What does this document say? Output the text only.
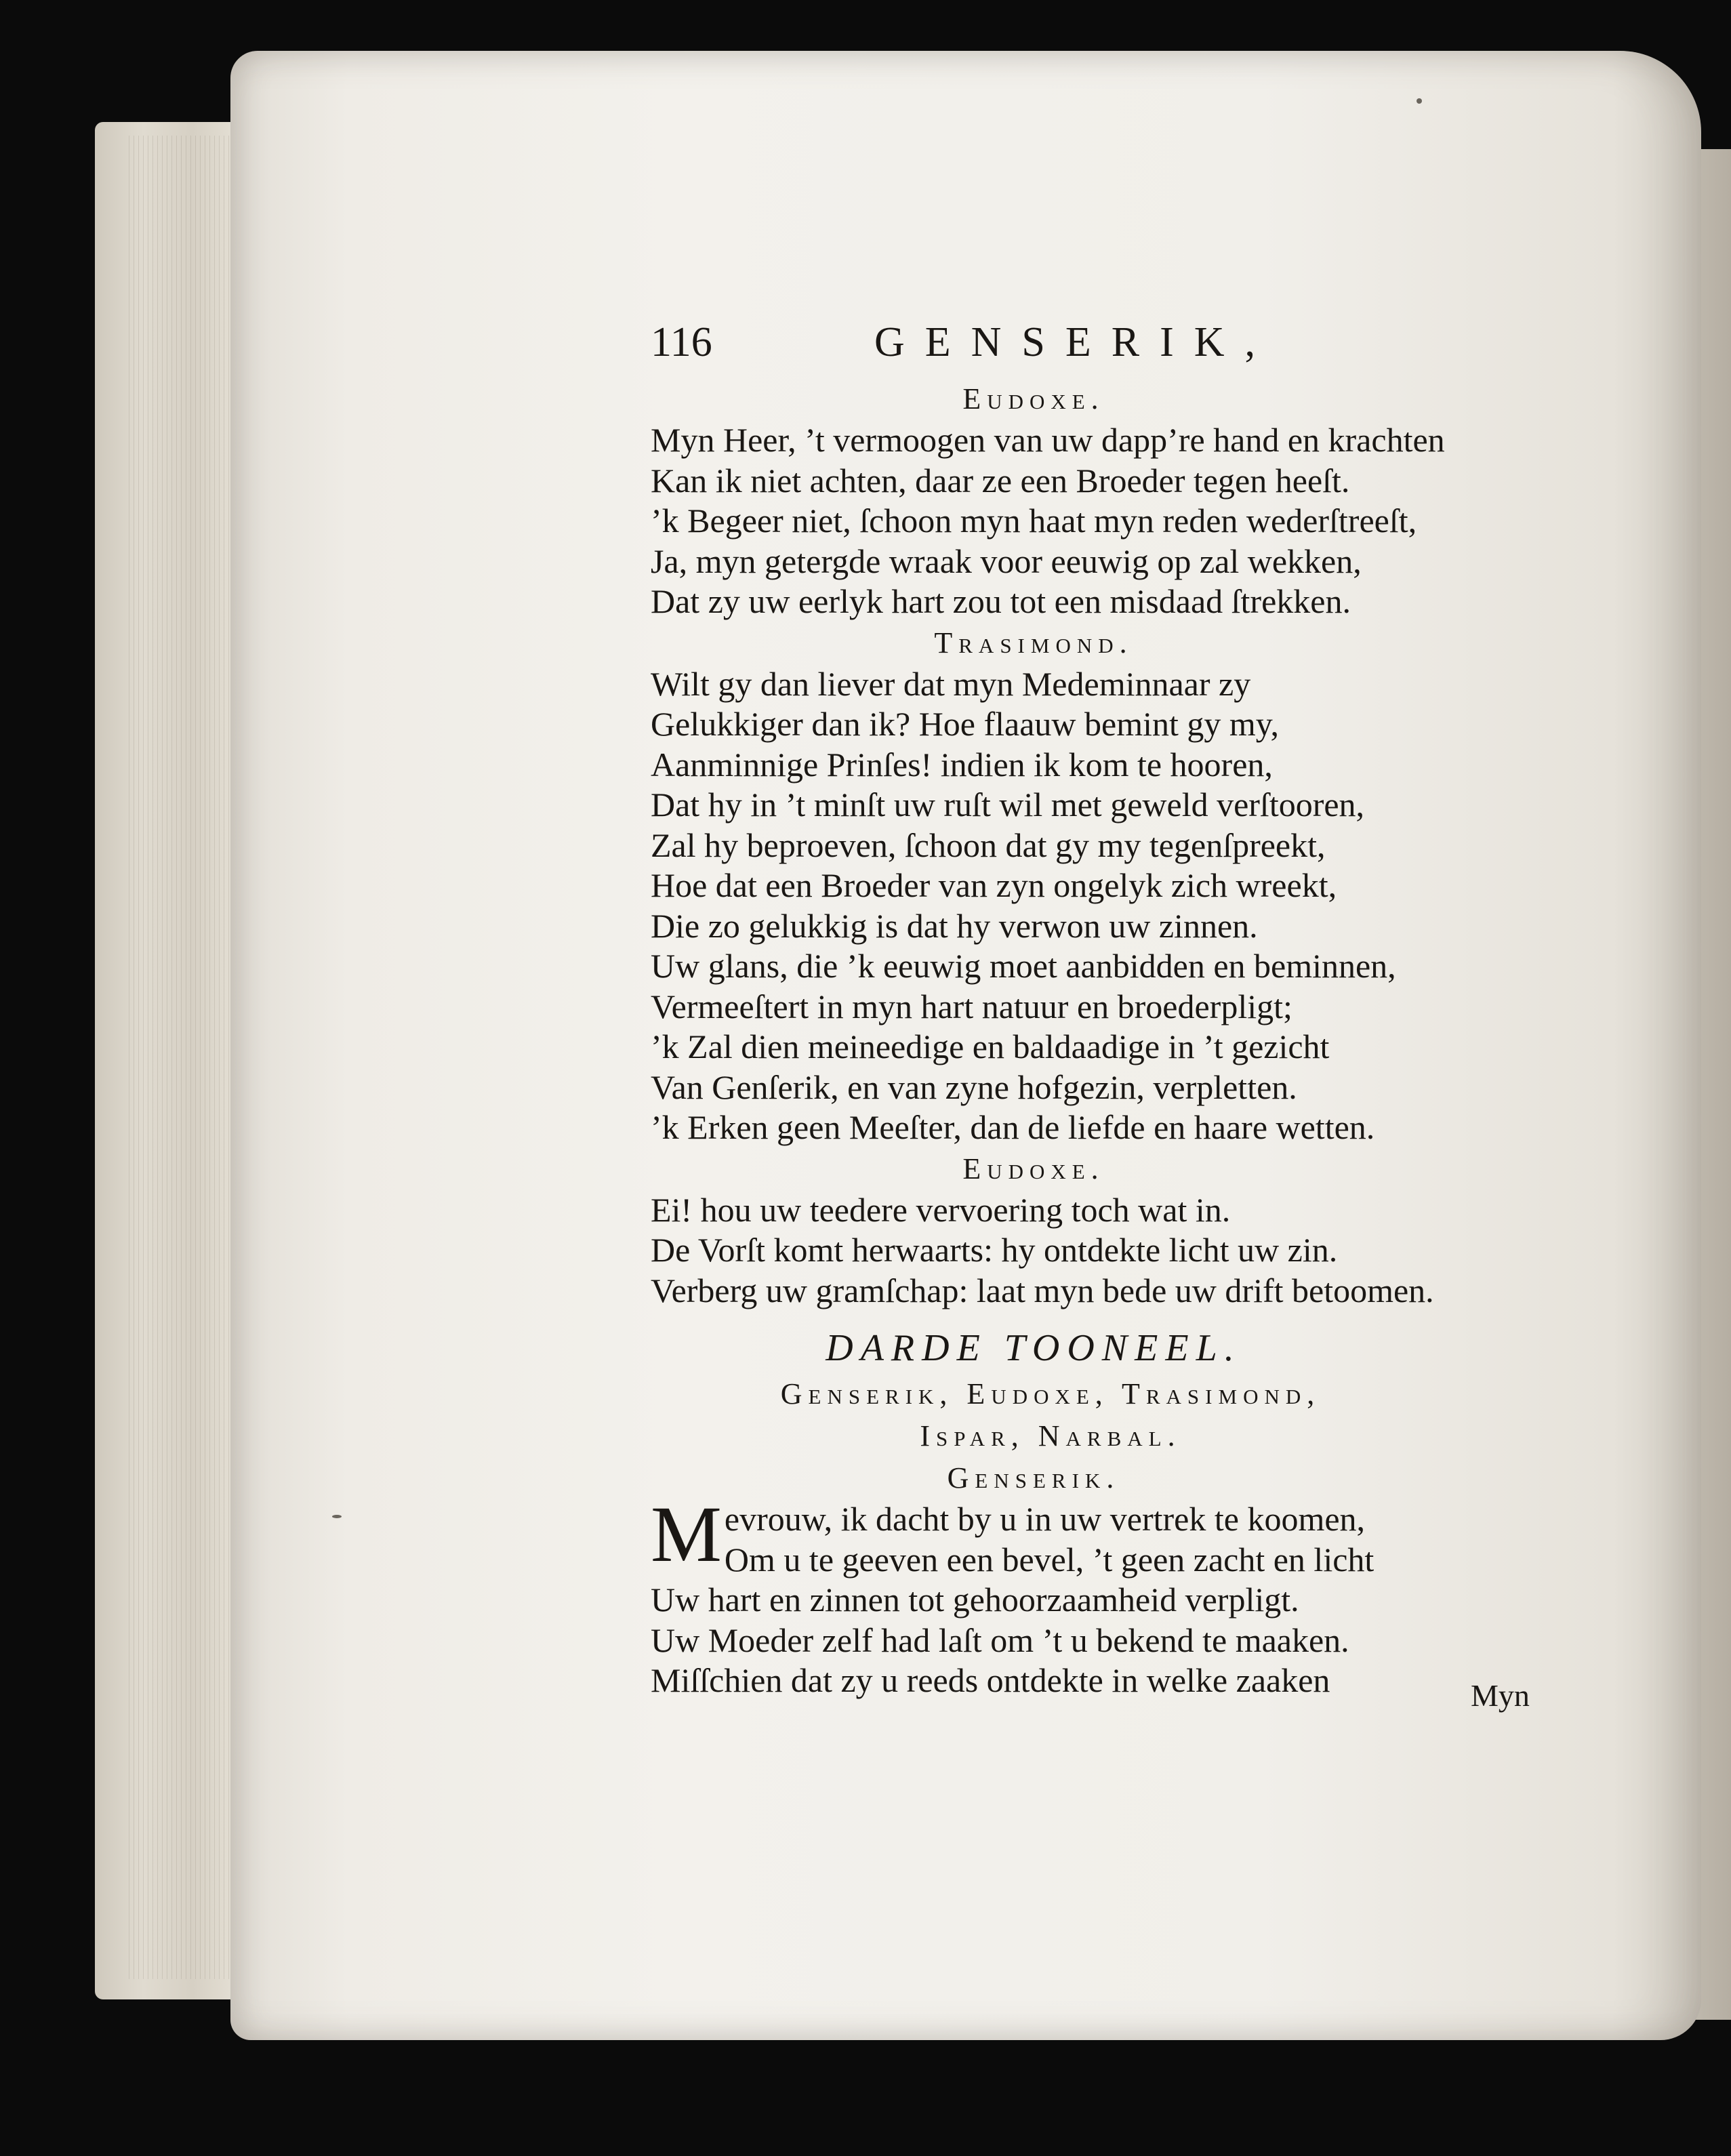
116	GENSERIK,
Eudoxe.
Myn Heer, ’t vermoogen van uw dapp’re hand en krachten
Kan ik niet achten, daar ze een Broeder tegen heeſt.
’k Begeer niet, ſchoon myn haat myn reden wederſtreeſt,
Ja, myn getergde wraak voor eeuwig op zal wekken,
Dat zy uw eerlyk hart zou tot een misdaad ſtrekken.
Trasimond.
Wilt gy dan liever dat myn Medeminnaar zy
Gelukkiger dan ik? Hoe flaauw bemint gy my,
Aanminnige Prinſes! indien ik kom te hooren,
Dat hy in ’t minſt uw ruſt wil met geweld verſtooren,
Zal hy beproeven, ſchoon dat gy my tegenſpreekt,
Hoe dat een Broeder van zyn ongelyk zich wreekt,
Die zo gelukkig is dat hy verwon uw zinnen.
Uw glans, die ’k eeuwig moet aanbidden en beminnen,
Vermeeſtert in myn hart natuur en broederpligt;
’k Zal dien meineedige en baldaadige in ’t gezicht
Van Genſerik, en van zyne hofgezin, verpletten.
’k Erken geen Meeſter, dan de liefde en haare wetten.
Eudoxe.
Ei! hou uw teedere vervoering toch wat in.
De Vorſt komt herwaarts: hy ontdekte licht uw zin.
Verberg uw gramſchap: laat myn bede uw drift betoomen.
DARDE TOONEEL.
Genserik, Eudoxe, Trasimond,
Ispar, Narbal.
Genserik.
Mevrouw, ik dacht by u in uw vertrek te koomen,
Om u te geeven een bevel, ’t geen zacht en licht
Uw hart en zinnen tot gehoorzaamheid verpligt.
Uw Moeder zelf had laſt om ’t u bekend te maaken.
Miſſchien dat zy u reeds ontdekte in welke zaaken	Myn
